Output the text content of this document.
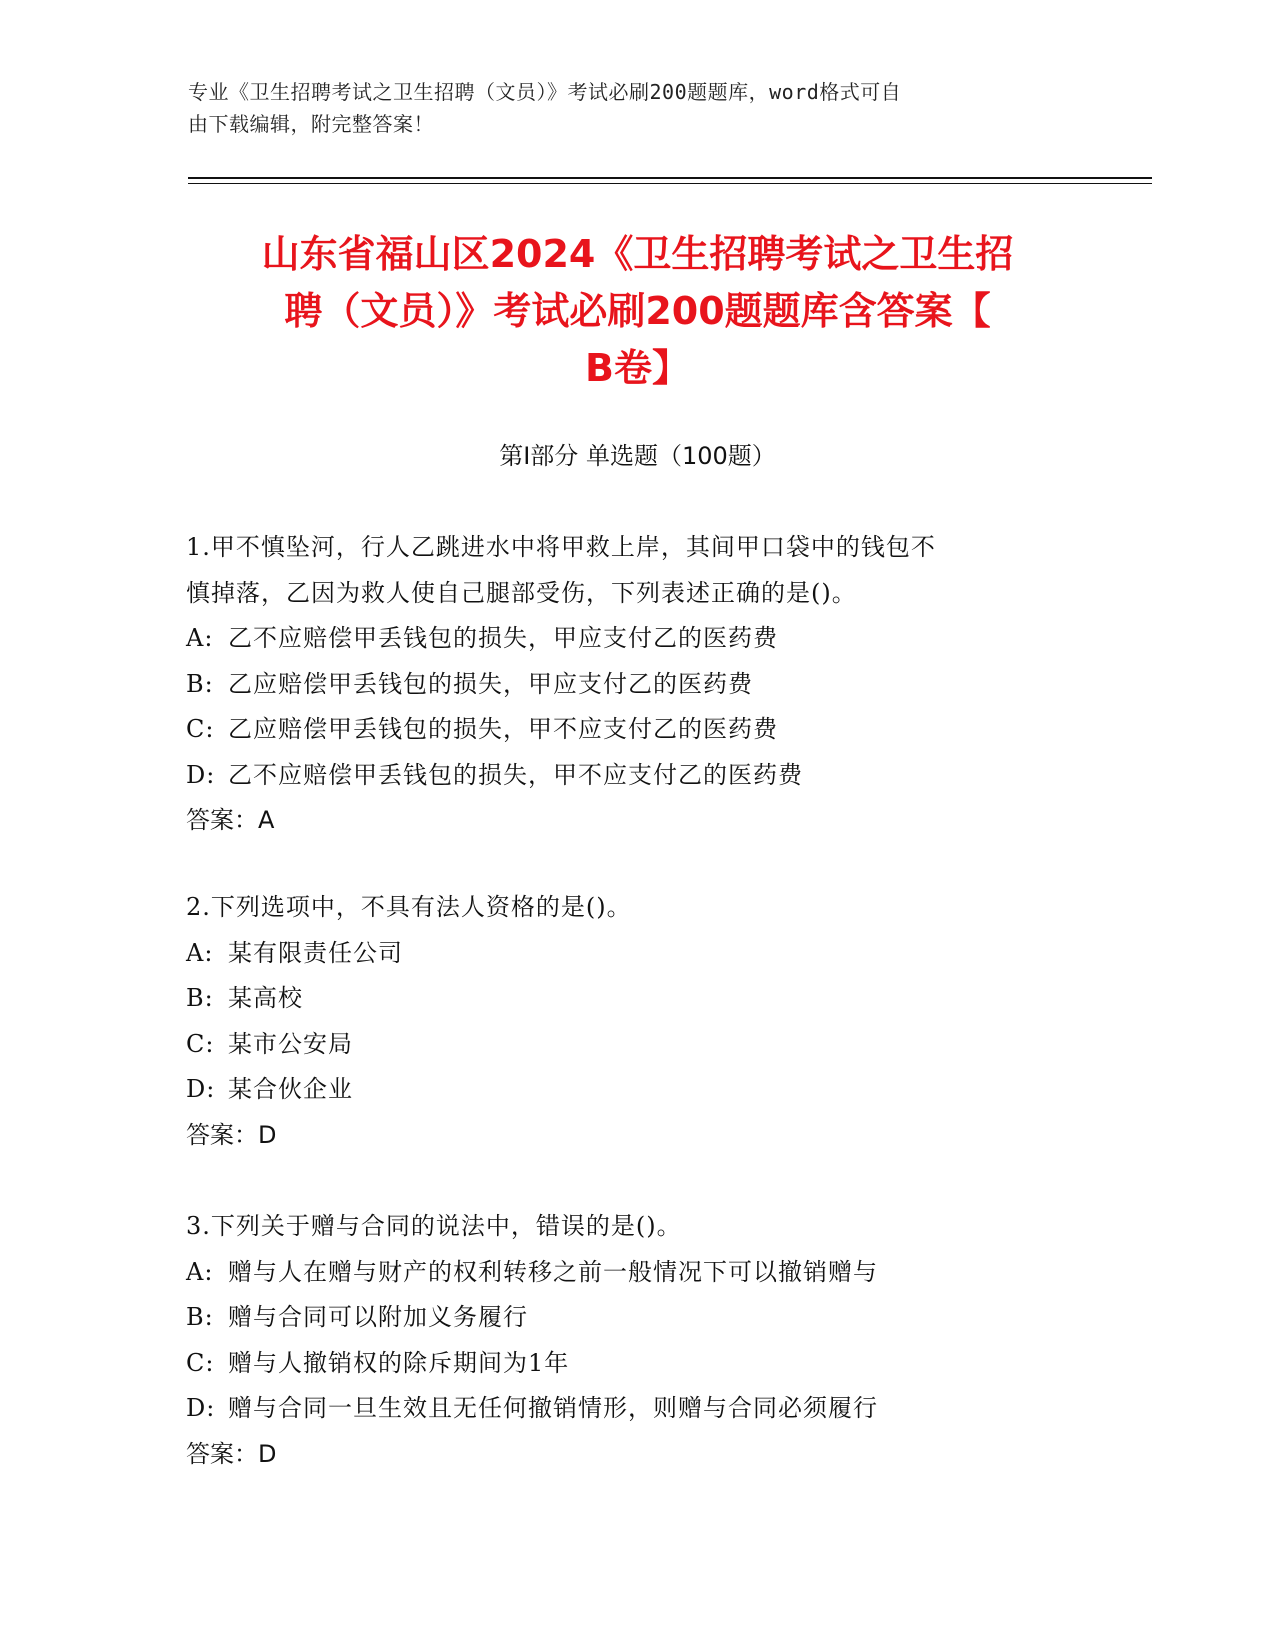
专业《卫生招聘考试之卫生招聘（文员）》考试必刷200题题库，word格式可自
由下载编辑，附完整答案！
山东省福山区2024《卫生招聘考试之卫生招
聘（文员）》考试必刷200题题库含答案【
B卷】
第I部分 单选题（100题）
1.甲不慎坠河，行人乙跳进水中将甲救上岸，其间甲口袋中的钱包不
慎掉落，乙因为救人使自己腿部受伤，下列表述正确的是()。
A: 乙不应赔偿甲丢钱包的损失，甲应支付乙的医药费
B: 乙应赔偿甲丢钱包的损失，甲应支付乙的医药费
C: 乙应赔偿甲丢钱包的损失，甲不应支付乙的医药费
D: 乙不应赔偿甲丢钱包的损失，甲不应支付乙的医药费
答案：A
2.下列选项中，不具有法人资格的是()。
A: 某有限责任公司
B: 某高校
C: 某市公安局
D: 某合伙企业
答案：D
3.下列关于赠与合同的说法中，错误的是()。
A: 赠与人在赠与财产的权利转移之前一般情况下可以撤销赠与
B: 赠与合同可以附加义务履行
C: 赠与人撤销权的除斥期间为1年
D: 赠与合同一旦生效且无任何撤销情形，则赠与合同必须履行
答案：D
